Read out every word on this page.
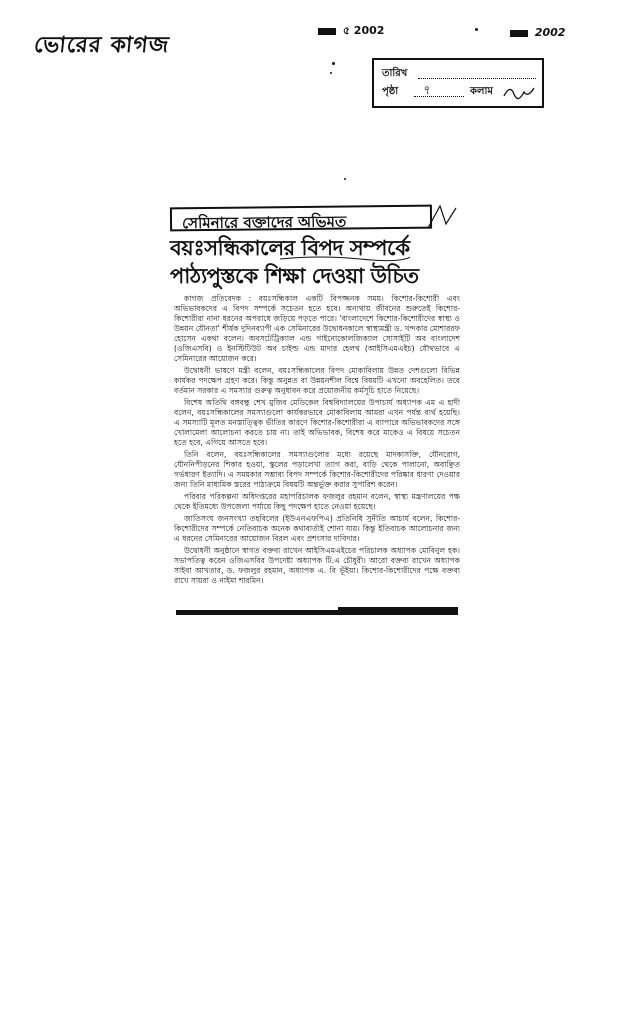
ভোরের কাগজ
৫ 2002	2002
তারিখ
পৃষ্ঠা ৭	কলাম
সেমিনারে বক্তাদের অভিমত
বয়ঃসন্ধিকালের বিপদ সম্পর্কে
পাঠ্যপুস্তকে শিক্ষা দেওয়া উচিত

কাগজ প্রতিবেদক : বয়ঃসন্ধিকাল একটি বিপজ্জনক সময়। কিশোর-কিশোরী এবং অভিভাবকদের এ বিপদ সম্পর্কে সচেতন হতে হবে। অন্যথায় জীবনের শুরুতেই কিশোর-কিশোরীরা নানা ধরনের অপরাধে জড়িয়ে পড়তে পারে। 'বাংলাদেশে কিশোর-কিশোরীদের স্বাস্থ্য ও উন্নয়ন যৌনতা' শীর্ষক দুদিনব্যাপী এক সেমিনারের উদ্বোধনকালে স্বাস্থ্যমন্ত্রী ড. খন্দকার মোশাররফ হোসেন একথা বলেন। অবসটেট্রিক্যাল এন্ড গাইনোকোলজিক্যাল সোসাইটি অব বাংলাদেশ (ওজিএসবি) ও ইনস্টিটিউট অব চাইল্ড এন্ড মাদার হেলথ (আইসিএমএইচ) যৌথভাবে এ সেমিনারের আয়োজন করে।

উদ্বোধনী ভাষণে মন্ত্রী বলেন, বয়ঃসন্ধিকালের বিপদ মোকাবিলায় উন্নত দেশগুলো বিভিন্ন কার্যকর পদক্ষেপ গ্রহণ করে। কিন্তু অনুন্নত বা উন্নয়নশীল বিশ্বে বিষয়টি এখনো অবহেলিত। তবে বর্তমান সরকার এ সমস্যার গুরুত্ব অনুধাবন করে প্রয়োজনীয় কর্মসূচি হাতে নিয়েছে।

বিশেষ অতিথি বঙ্গবন্ধু শেখ মুজিব মেডিকেল বিশ্ববিদ্যালয়ের উপাচার্য অধ্যাপক এম এ হাদী বলেন, বয়ঃসন্ধিকালের সমস্যাগুলো কার্যকরভাবে মোকাবিলায় আমরা এখন পর্যন্ত ব্যর্থ হয়েছি। এ সমস্যাটি মূলত মনস্তাত্ত্বিক ভীতির কারণে কিশোর-কিশোরীরা এ ব্যাপারে অভিভাবকদের সঙ্গে খোলামেলা আলোচনা করতে চায় না। তাই অভিভাবক, বিশেষ করে মাকেও এ বিষয়ে সচেতন হতে হবে, এগিয়ে আসতে হবে।

তিনি বলেন, বয়ঃসন্ধিকালের সমস্যাগুলোর মধ্যে রয়েছে মাদকাসক্তি, যৌনরোগ, যৌননিপীড়নের শিকার হওয়া, স্কুলের পড়ালেখা ত্যাগ করা, বাড়ি থেকে পালানো, অবাঞ্ছিত গর্ভধারণ ইত্যাদি। এ সময়কার সম্ভাব্য বিপদ সম্পর্কে কিশোর-কিশোরীদের পরিষ্কার ধারণা দেওয়ার জন্য তিনি মাধ্যমিক স্তরের পাঠ্যক্রমে বিষয়টি অন্তর্ভুক্ত করার সুপারিশ করেন।

পরিবার পরিকল্পনা অধিদপ্তরের মহাপরিচালক ফজলুর রহমান বলেন, স্বাস্থ্য মন্ত্রণালয়ের পক্ষ থেকে ইতিমধ্যে উপজেলা পর্যায়ে কিছু পদক্ষেপ হাতে নেওয়া হয়েছে।

জাতিসংঘ জনসংখ্যা তহবিলের (ইউএনএফপিএ) প্রতিনিধি সুনীতি আচার্য বলেন, কিশোর-কিশোরীদের সম্পর্কে নেতিবাচক অনেক কথাবার্তাই শোনা যায়। কিন্তু ইতিবাচক আলোচনার জন্য এ ধরনের সেমিনারের আয়োজন বিরল এবং প্রশংসার দাবিদার।

উদ্বোধনী অনুষ্ঠানে স্বাগত বক্তব্য রাখেন আইসিএমএইচের পরিচালক অধ্যাপক মোবিনুল হক। সভাপতিত্ব করেন ওজিএসবির উপদেষ্টা অধ্যাপক টি.এ চৌধুরী। আরো বক্তব্য রাখেন অধ্যাপক সাইবা আখতার, ড. ফজলুর রহমান, অধ্যাপক এ. বি ভূঁইয়া। কিশোর-কিশোরীদের পক্ষে বক্তব্য রাখে সায়রা ও নাইমা শারমিন।
